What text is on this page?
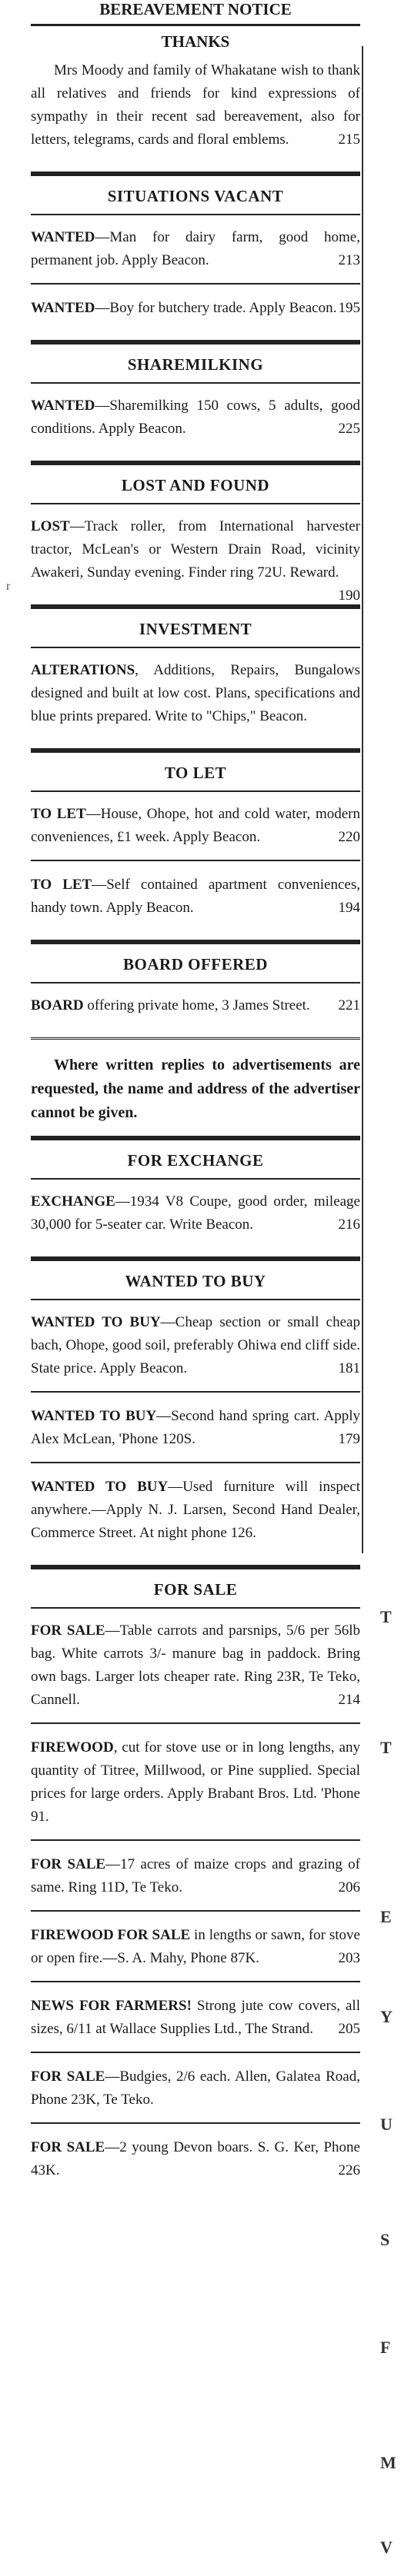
BEREAVEMENT NOTICE
THANKS
Mrs Moody and family of Whakatane wish to thank all relatives and friends for kind expressions of sympathy in their recent sad bereavement, also for letters, telegrams, cards and floral emblems.	215
SITUATIONS VACANT
WANTED—Man for dairy farm, good home, permanent job. Apply Beacon.	213
WANTED—Boy for butchery trade. Apply Beacon. 195
SHAREMILKING
WANTED—Sharemilking 150 cows, 5 adults, good conditions. Apply Beacon.	225
LOST AND FOUND
LOST—Track roller, from International harvester tractor, McLean's or Western Drain Road, vicinity Awakeri, Sunday evening. Finder ring 72U. Reward.
190
INVESTMENT
ALTERATIONS, Additions, Repairs, Bungalows designed and built at low cost. Plans, specifications and blue prints prepared. Write to "Chips," Beacon.
TO LET
TO LET—House, Ohope, hot and cold water, modern conveniences, £1 week. Apply Beacon.	220
TO LET—Self contained apartment conveniences, handy town. Apply Beacon.	194
BOARD OFFERED
BOARD offering private home, 3 James Street. 221
Where written replies to advertisements are requested, the name and address of the advertiser cannot be given.
FOR EXCHANGE
EXCHANGE—1934 V8 Coupe, good order, mileage 30,000 for 5-seater car. Write Beacon.	216
WANTED TO BUY
WANTED TO BUY—Cheap section or small cheap bach, Ohope, good soil, preferably Ohiwa end cliff side. State price. Apply Beacon.	181
WANTED TO BUY—Second hand spring cart. Apply Alex McLean, 'Phone 120S.	179
WANTED TO BUY—Used furniture will inspect anywhere.—Apply N. J. Larsen, Second Hand Dealer, Commerce Street. At night phone 126.
FOR SALE
FOR SALE—Table carrots and parsnips, 5/6 per 56lb bag. White carrots 3/- manure bag in paddock. Bring own bags. Larger lots cheaper rate. Ring 23R, Te Teko, Cannell.	214
FIREWOOD, cut for stove use or in long lengths, any quantity of Titree, Millwood, or Pine supplied. Special prices for large orders. Apply Brabant Bros. Ltd. 'Phone 91.
FOR SALE—17 acres of maize crops and grazing of same. Ring 11D, Te Teko.	206
FIREWOOD FOR SALE in lengths or sawn, for stove or open fire.—S. A. Mahy, Phone 87K.	203
NEWS FOR FARMERS! Strong jute cow covers, all sizes, 6/11 at Wallace Supplies Ltd., The Strand. 205
FOR SALE—Budgies, 2/6 each. Allen, Galatea Road, Phone 23K, Te Teko.
FOR SALE—2 young Devon boars. S. G. Ker, Phone 43K.	226
r
T
T
E
Y
U
S
F
M
V
